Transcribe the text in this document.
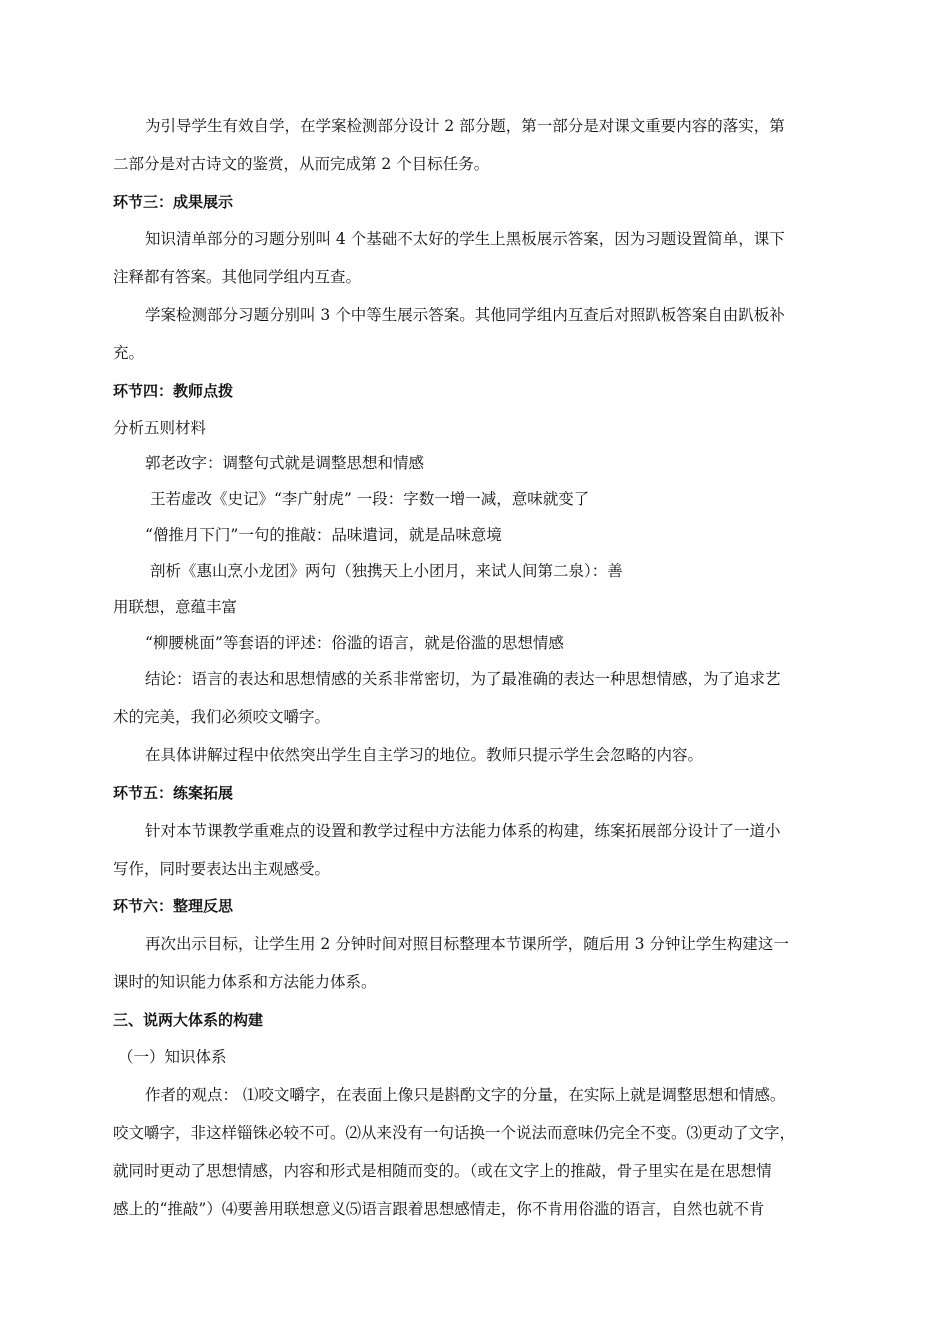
为引导学生有效自学，在学案检测部分设计 2 部分题，第一部分是对课文重要内容的落实，第
二部分是对古诗文的鉴赏，从而完成第 2 个目标任务。
环节三：成果展示
知识清单部分的习题分别叫 4 个基础不太好的学生上黑板展示答案，因为习题设置简单，课下
注释都有答案。其他同学组内互查。
学案检测部分习题分别叫 3 个中等生展示答案。其他同学组内互查后对照趴板答案自由趴板补
充。
环节四：教师点拨
分析五则材料
郭老改字：调整句式就是调整思想和情感
王若虚改《史记》“李广射虎” 一段：字数一增一减，意味就变了
“僧推月下门”一句的推敲：品味遣词，就是品味意境
剖析《惠山烹小龙团》两句（独携天上小团月，来试人间第二泉）：善
用联想，意蕴丰富
“柳腰桃面”等套语的评述：俗滥的语言，就是俗滥的思想情感
结论：语言的表达和思想情感的关系非常密切，为了最准确的表达一种思想情感，为了追求艺
术的完美，我们必须咬文嚼字。
在具体讲解过程中依然突出学生自主学习的地位。教师只提示学生会忽略的内容。
环节五：练案拓展
针对本节课教学重难点的设置和教学过程中方法能力体系的构建，练案拓展部分设计了一道小
写作，同时要表达出主观感受。
环节六：整理反思
再次出示目标，让学生用 2 分钟时间对照目标整理本节课所学，随后用 3 分钟让学生构建这一
课时的知识能力体系和方法能力体系。
三、说两大体系的构建
（一）知识体系
作者的观点： ⑴咬文嚼字，在表面上像只是斟酌文字的分量，在实际上就是调整思想和情感。
咬文嚼字，非这样锱铢必较不可。⑵从来没有一句话换一个说法而意味仍完全不变。⑶更动了文字，
就同时更动了思想情感，内容和形式是相随而变的。（或在文字上的推敲，骨子里实在是在思想情
感上的“推敲”）⑷要善用联想意义⑸语言跟着思想感情走，你不肯用俗滥的语言，自然也就不肯
